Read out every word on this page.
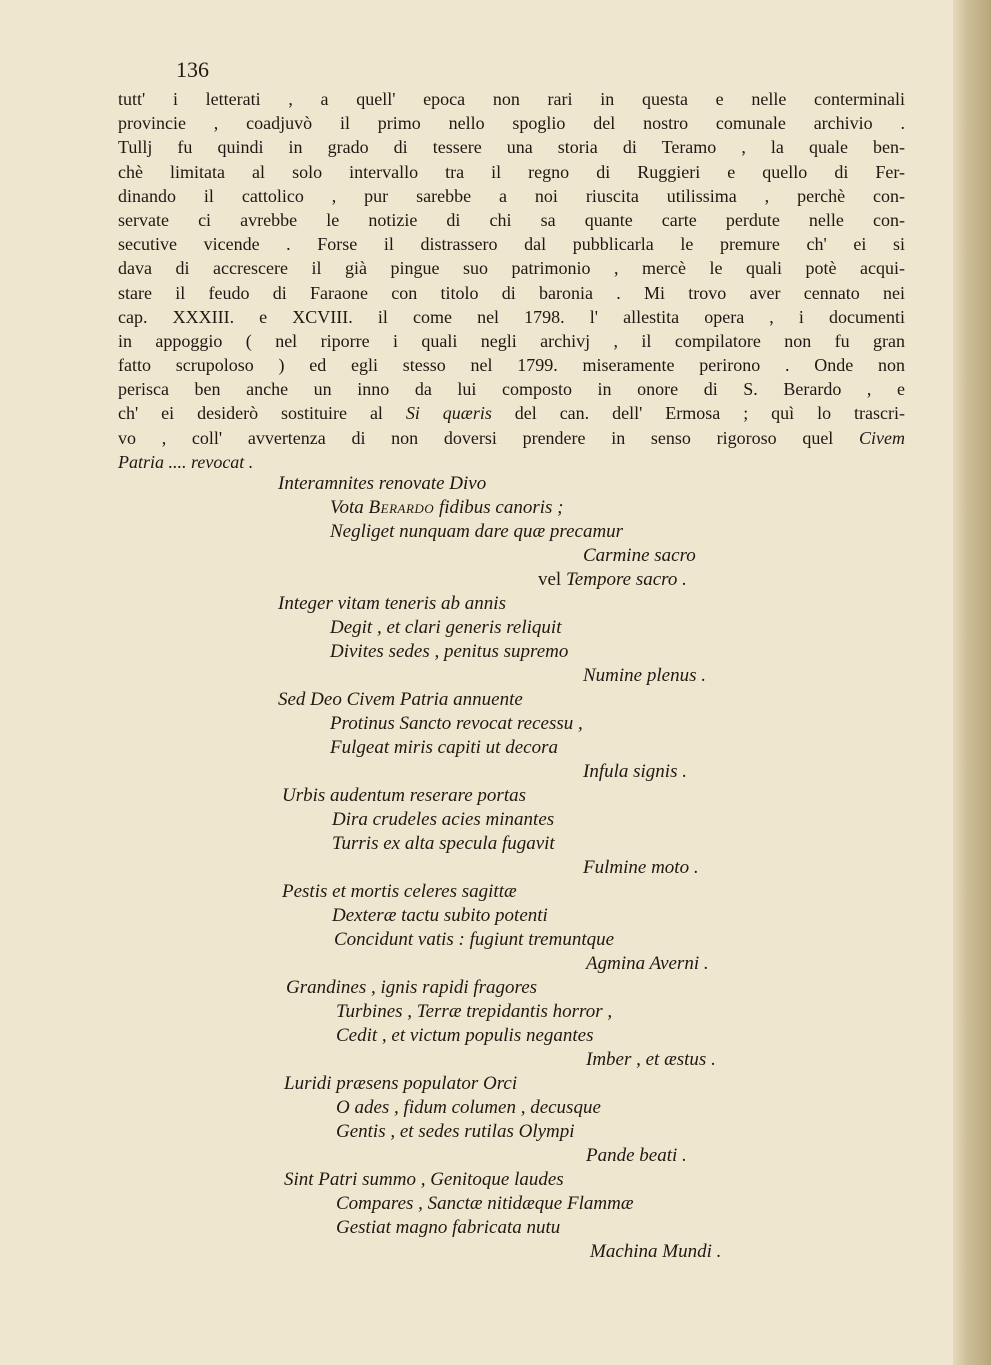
136
tutt' i letterati , a quell' epoca non rari in questa e nelle conterminali
provincie , coadjuvò il primo nello spoglio del nostro comunale archivio .
Tullj fu quindi in grado di tessere una storia di Teramo , la quale ben-
chè limitata al solo intervallo tra il regno di Ruggieri e quello di Fer-
dinando il cattolico , pur sarebbe a noi riuscita utilissima , perchè con-
servate ci avrebbe le notizie di chi sa quante carte perdute nelle con-
secutive vicende . Forse il distrassero dal pubblicarla le premure ch' ei si
dava di accrescere il già pingue suo patrimonio , mercè le quali potè acqui-
stare il feudo di Faraone con titolo di baronia . Mi trovo aver cennato nei
cap. XXXIII. e XCVIII. il come nel 1798. l' allestita opera , i documenti
in appoggio ( nel riporre i quali negli archivj , il compilatore non fu gran
fatto scrupoloso ) ed egli stesso nel 1799. miseramente perirono . Onde non
perisca ben anche un inno da lui composto in onore di S. Berardo , e
ch' ei desiderò sostituire al Si quæris del can. dell' Ermosa ; quì lo trascri-
vo , coll' avvertenza di non doversi prendere in senso rigoroso quel Civem
Patria .... revocat .
Interamnites renovate Divo
Vota Berardo fidibus canoris ;
Negliget nunquam dare quæ precamur
Carmine sacro
vel Tempore sacro .
Integer vitam teneris ab annis
Degit , et clari generis reliquit
Divites sedes , penitus supremo
Numine plenus .
Sed Deo Civem Patria annuente
Protinus Sancto revocat recessu ,
Fulgeat miris capiti ut decora
Infula signis .
Urbis audentum reserare portas
Dira crudeles acies minantes
Turris ex alta specula fugavit
Fulmine moto .
Pestis et mortis celeres sagittæ
Dexteræ tactu subito potenti
Concidunt vatis : fugiunt tremuntque
Agmina Averni .
Grandines , ignis rapidi fragores
Turbines , Terræ trepidantis horror ,
Cedit , et victum populis negantes
Imber , et æstus .
Luridi præsens populator Orci
O ades , fidum columen , decusque
Gentis , et sedes rutilas Olympi
Pande beati .
Sint Patri summo , Genitoque laudes
Compares , Sanctæ nitidæque Flammæ
Gestiat magno fabricata nutu
Machina Mundi .
